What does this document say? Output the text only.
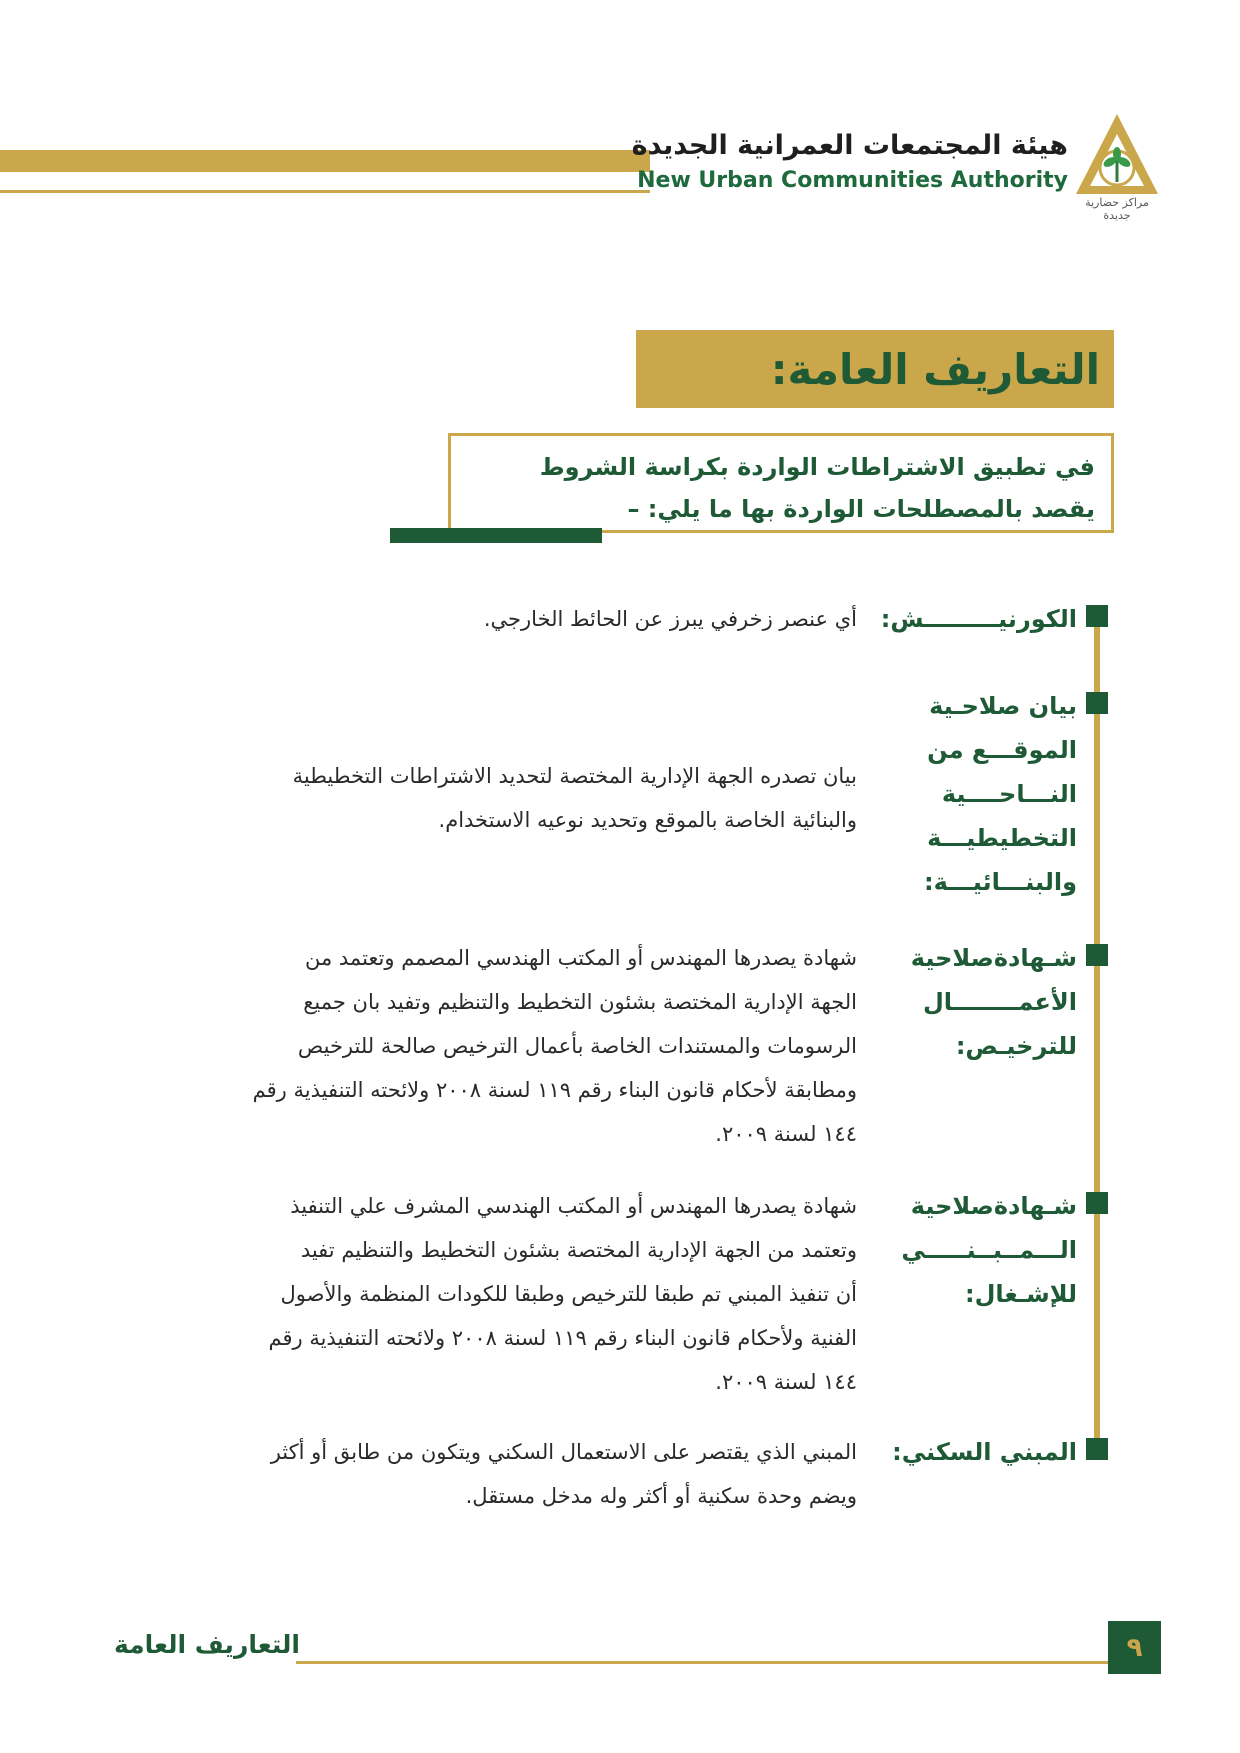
هيئة المجتمعات العمرانية الجديدة
New Urban Communities Authority
مراكز حضارية جديدة
التعاريف العامة:
في تطبيق الاشتراطات الواردة بكراسة الشروط
يقصد بالمصطلحات الواردة بها ما يلي: –
الكورنيـــــــــش:
أي عنصر زخرفي يبرز عن الحائط الخارجي.
بيان صلاحـية
الموقـــع من
النـــاحــــية
التخطيطيـــة
والبنـــائيـــة:
بيان تصدره الجهة الإدارية المختصة لتحديد الاشتراطات التخطيطية
والبنائية الخاصة بالموقع وتحديد نوعيه الاستخدام.
شـهادةصلاحية
الأعمــــــــال
للترخيـص:
شهادة يصدرها المهندس أو المكتب الهندسي المصمم وتعتمد من
الجهة الإدارية المختصة بشئون التخطيط والتنظيم وتفيد بان جميع
الرسومات والمستندات الخاصة بأعمال الترخيص صالحة للترخيص
ومطابقة لأحكام قانون البناء رقم ١١٩ لسنة ٢٠٠٨ ولائحته التنفيذية رقم
١٤٤ لسنة ٢٠٠٩.
شـهادةصلاحية
الـــمــبــنـــــي
للإشـغال:
شهادة يصدرها المهندس أو المكتب الهندسي المشرف علي التنفيذ
وتعتمد من الجهة الإدارية المختصة بشئون التخطيط والتنظيم تفيد
أن تنفيذ المبني تم طبقا للترخيص وطبقا للكودات المنظمة والأصول
الفنية ولأحكام قانون البناء رقم ١١٩ لسنة ٢٠٠٨ ولائحته التنفيذية رقم
١٤٤ لسنة ٢٠٠٩.
المبني السكني:
المبني الذي يقتصر على الاستعمال السكني ويتكون من طابق أو أكثر
ويضم وحدة سكنية أو أكثر وله مدخل مستقل.
التعاريف العامة	٩
